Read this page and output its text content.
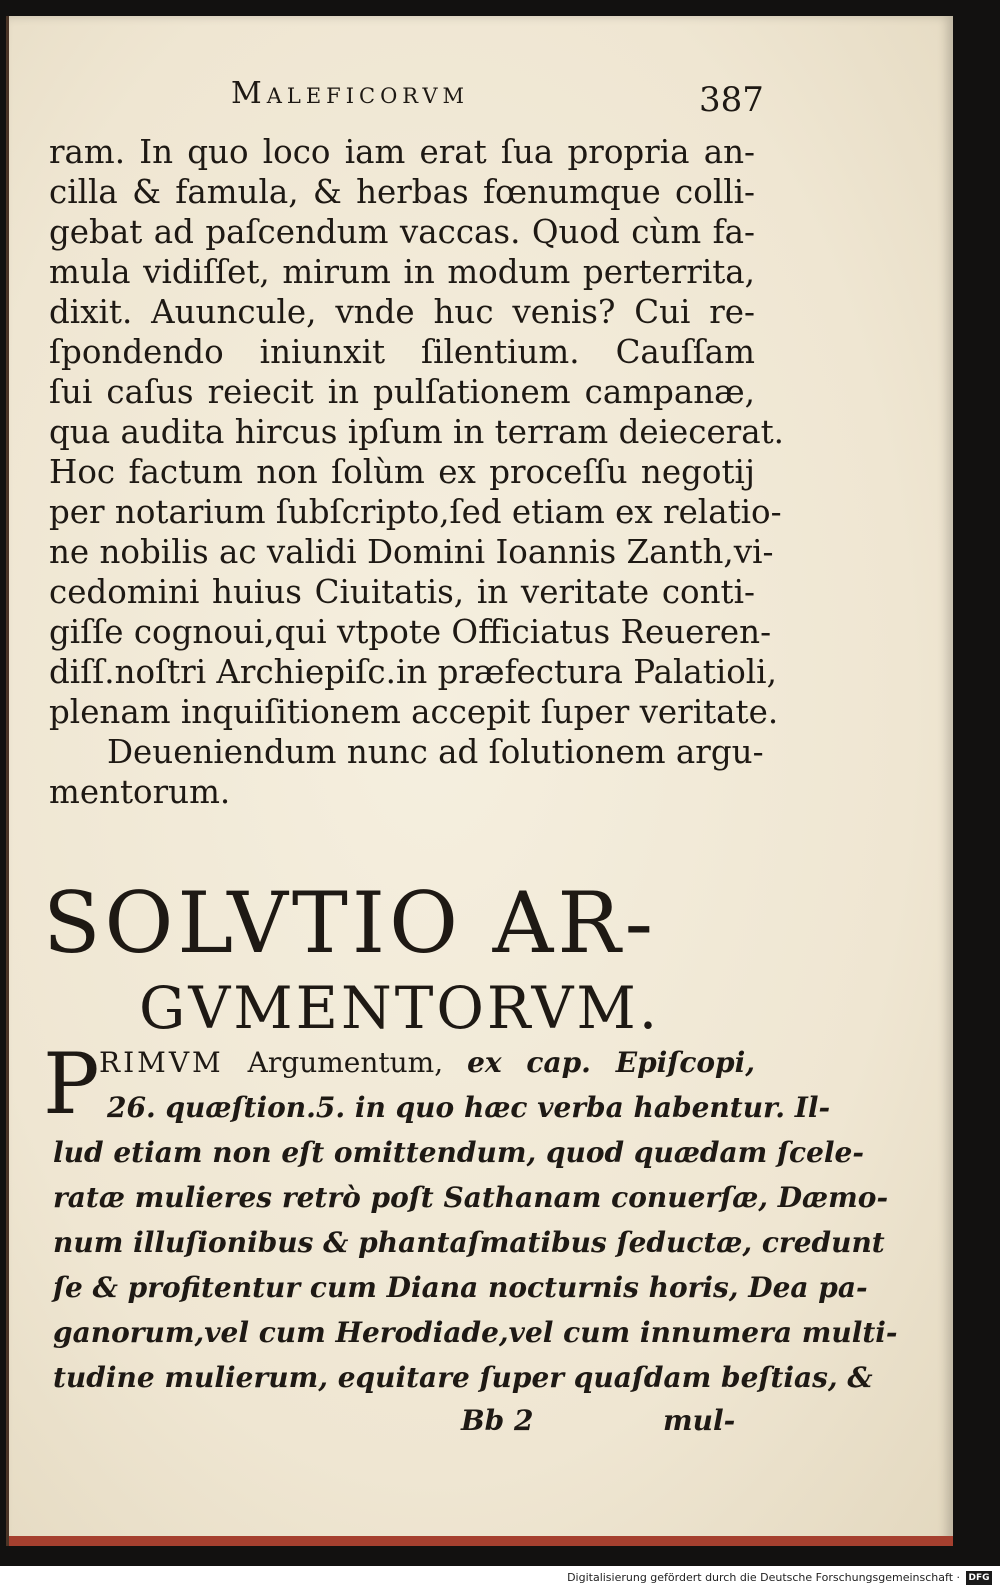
Maleficorvm	387
ram. In quo loco iam erat ſua propria an-
cilla & famula, & herbas fœnumque colli-
gebat ad paſcendum vaccas. Quod cùm fa-
mula vidiſſet, mirum in modum perterrita,
dixit. Auuncule, vnde huc venis? Cui re-
ſpondendo iniunxit ſilentium. Cauſſam
ſui caſus reiecit in pulſationem campanæ,
qua audita hircus ipſum in terram deiecerat.
Hoc factum non ſolùm ex proceſſu negotij
per notarium ſubſcripto,ſed etiam ex relatio-
ne nobilis ac validi Domini Ioannis Zanth,vi-
cedomini huius Ciuitatis, in veritate conti-
giſſe cognoui,qui vtpote Officiatus Reueren-
diſſ.noſtri Archiepiſc.in præfectura Palatioli,
plenam inquiſitionem accepit ſuper veritate.
Deueniendum nunc ad ſolutionem argu-
mentorum.
SOLVTIO AR-
GVMENTORVM.
P RIMVM Argumentum, ex cap. Epiſcopi,
26. quæſtion.5. in quo hæc verba habentur. Il-
lud etiam non eſt omittendum, quod quædam ſcele-
ratæ mulieres retrò poſt Sathanam conuerſæ, Dæmo-
num illuſionibus & phantaſmatibus ſeductæ, credunt
ſe & profitentur cum Diana nocturnis horis, Dea pa-
ganorum,vel cum Herodiade,vel cum innumera multi-
tudine mulierum, equitare ſuper quaſdam beſtias, &
Bb 2	mul-
Digitalisierung gefördert durch die Deutsche Forschungsgemeinschaft · DFG
